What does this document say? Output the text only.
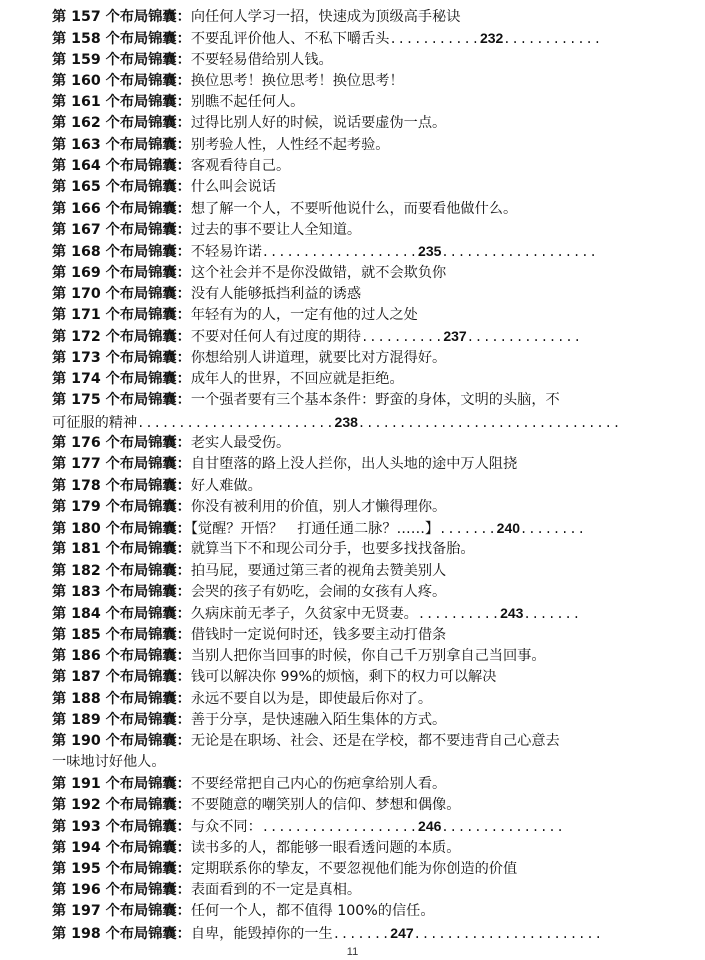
第 157 个布局锦囊：向任何人学习一招，快速成为顶级高手秘诀
第 158 个布局锦囊：不要乱评价他人、不私下嚼舌头...........232............
第 159 个布局锦囊：不要轻易借给别人钱。
第 160 个布局锦囊：换位思考！换位思考！换位思考！
第 161 个布局锦囊：别瞧不起任何人。
第 162 个布局锦囊：过得比别人好的时候，说话要虚伪一点。
第 163 个布局锦囊：别考验人性，人性经不起考验。
第 164 个布局锦囊：客观看待自己。
第 165 个布局锦囊：什么叫会说话
第 166 个布局锦囊：想了解一个人，不要听他说什么，而要看他做什么。
第 167 个布局锦囊：过去的事不要让人全知道。
第 168 个布局锦囊：不轻易许诺...................235...................
第 169 个布局锦囊：这个社会并不是你没做错，就不会欺负你
第 170 个布局锦囊：没有人能够抵挡利益的诱惑
第 171 个布局锦囊：年轻有为的人，一定有他的过人之处
第 172 个布局锦囊：不要对任何人有过度的期待..........237..............
第 173 个布局锦囊：你想给别人讲道理，就要比对方混得好。
第 174 个布局锦囊：成年人的世界，不回应就是拒绝。
第 175 个布局锦囊：一个强者要有三个基本条件：野蛮的身体，文明的头脑，不
可征服的精神........................238................................
第 176 个布局锦囊：老实人最受伤。
第 177 个布局锦囊：自甘堕落的路上没人拦你，出人头地的途中万人阻挠
第 178 个布局锦囊：好人难做。
第 179 个布局锦囊：你没有被利用的价值，别人才懒得理你。
第 180 个布局锦囊：【觉醒？开悟？　打通任通二脉？……】.......240........
第 181 个布局锦囊：就算当下不和现公司分手，也要多找找备胎。
第 182 个布局锦囊：拍马屁，要通过第三者的视角去赞美别人
第 183 个布局锦囊：会哭的孩子有奶吃，会闹的女孩有人疼。
第 184 个布局锦囊：久病床前无孝子，久贫家中无贤妻。..........243.......
第 185 个布局锦囊：借钱时一定说何时还，钱多要主动打借条
第 186 个布局锦囊：当别人把你当回事的时候，你自己千万别拿自己当回事。
第 187 个布局锦囊：钱可以解决你 99%的烦恼，剩下的权力可以解决
第 188 个布局锦囊：永远不要自以为是，即使最后你对了。
第 189 个布局锦囊：善于分享，是快速融入陌生集体的方式。
第 190 个布局锦囊：无论是在职场、社会、还是在学校，都不要违背自己心意去
一味地讨好他人。
第 191 个布局锦囊：不要经常把自己内心的伤疤拿给别人看。
第 192 个布局锦囊：不要随意的嘲笑别人的信仰、梦想和偶像。
第 193 个布局锦囊：与众不同：...................246...............
第 194 个布局锦囊：读书多的人，都能够一眼看透问题的本质。
第 195 个布局锦囊：定期联系你的挚友，不要忽视他们能为你创造的价值
第 196 个布局锦囊：表面看到的不一定是真相。
第 197 个布局锦囊：任何一个人，都不值得 100%的信任。
第 198 个布局锦囊：自卑，能毁掉你的一生.......247.......................
11
